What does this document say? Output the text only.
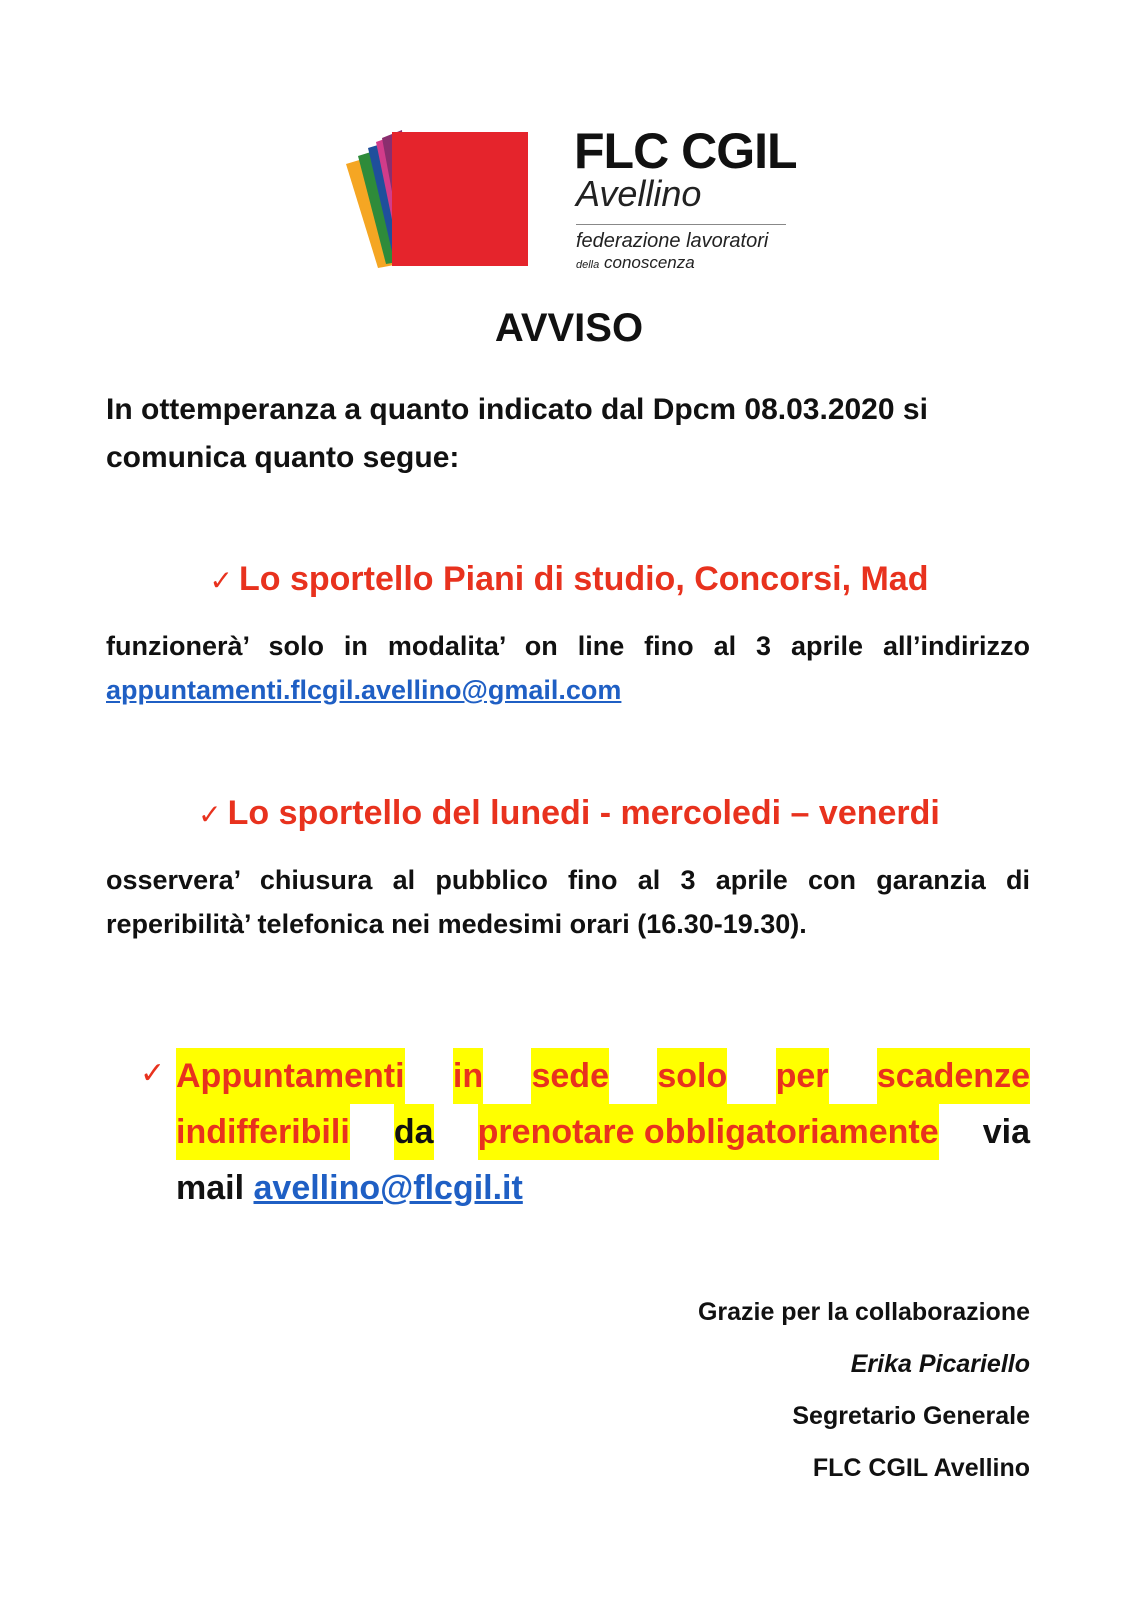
FLC CGIL
Avellino
federazione lavoratori
della conoscenza
AVVISO
In ottemperanza a quanto indicato dal Dpcm 08.03.2020 si comunica quanto segue:
✓ Lo sportello Piani di studio, Concorsi, Mad
funzionerà’ solo in modalita’ on line fino al 3 aprile all’indirizzo
appuntamenti.flcgil.avellino@gmail.com
✓ Lo sportello del lunedi - mercoledi – venerdi
osservera’ chiusura al pubblico fino al 3 aprile con garanzia di reperibilità’ telefonica nei medesimi orari (16.30-19.30).
✓ Appuntamenti in sede solo per scadenze
indifferibili da prenotare obbligatoriamente via
mail avellino@flcgil.it
Grazie per la collaborazione
Erika Picariello
Segretario Generale
FLC CGIL Avellino
